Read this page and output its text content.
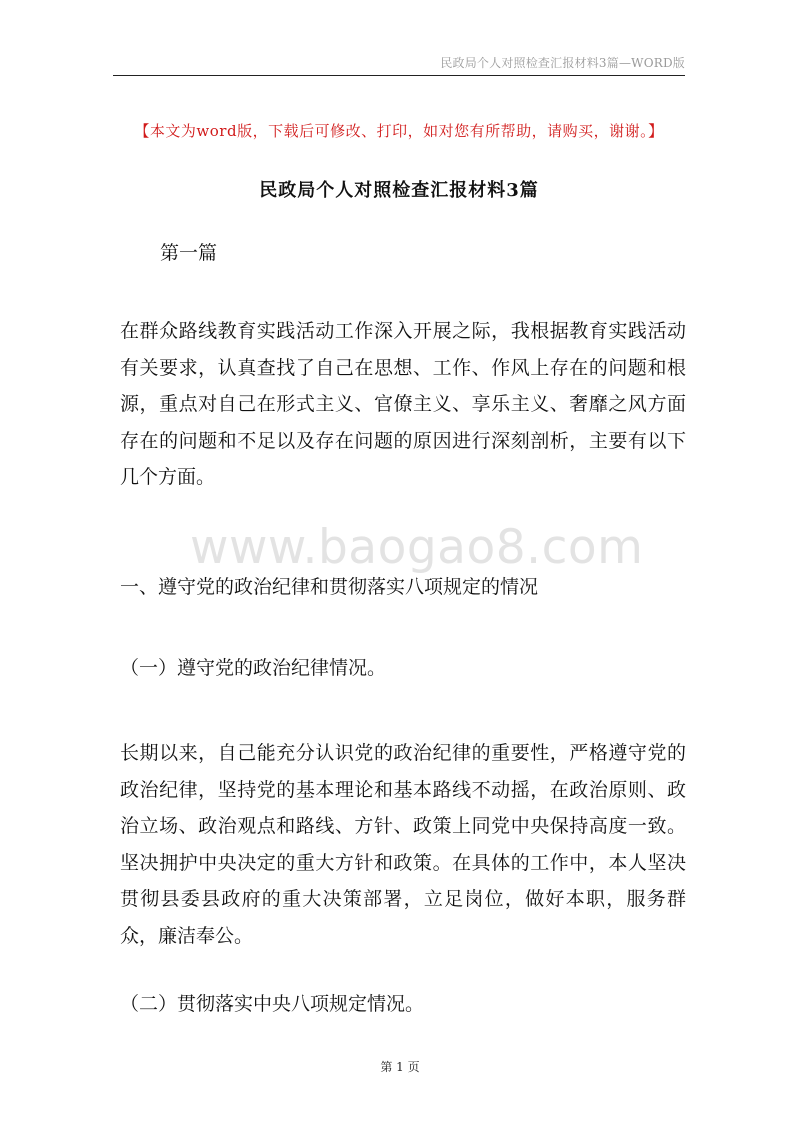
民政局个人对照检查汇报材料3篇—WORD版
【本文为word版，下载后可修改、打印，如对您有所帮助，请购买，谢谢。】
民政局个人对照检查汇报材料3篇
第一篇
在群众路线教育实践活动工作深入开展之际，我根据教育实践活动有关要求，认真查找了自己在思想、工作、作风上存在的问题和根源，重点对自己在形式主义、官僚主义、享乐主义、奢靡之风方面存在的问题和不足以及存在问题的原因进行深刻剖析，主要有以下几个方面。
www.baogao8.com
一、遵守党的政治纪律和贯彻落实八项规定的情况
（一）遵守党的政治纪律情况。
长期以来，自己能充分认识党的政治纪律的重要性，严格遵守党的政治纪律，坚持党的基本理论和基本路线不动摇，在政治原则、政治立场、政治观点和路线、方针、政策上同党中央保持高度一致。坚决拥护中央决定的重大方针和政策。在具体的工作中，本人坚决贯彻县委县政府的重大决策部署，立足岗位，做好本职，服务群众，廉洁奉公。
（二）贯彻落实中央八项规定情况。
第 1 页
